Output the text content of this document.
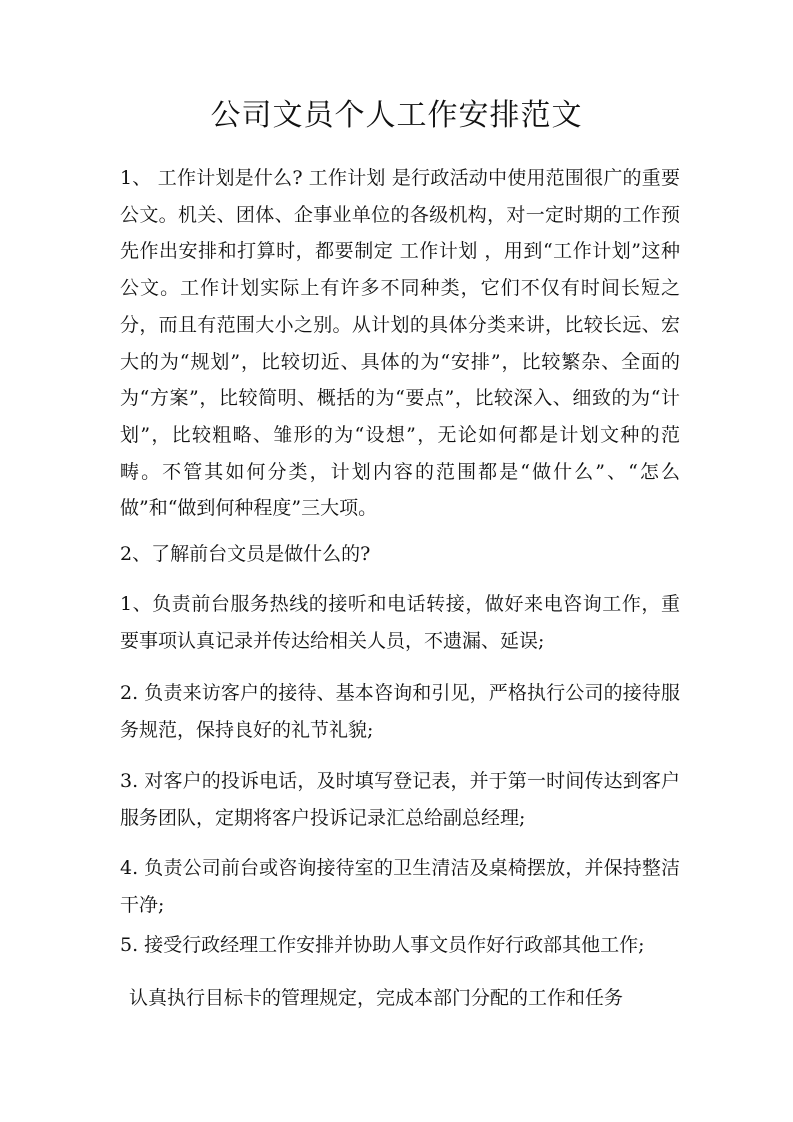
公司文员个人工作安排范文

1、 工作计划是什么? 工作计划 是行政活动中使用范围很广的重要公文。机关、团体、企事业单位的各级机构，对一定时期的工作预先作出安排和打算时，都要制定 工作计划 ，用到“工作计划”这种公文。工作计划实际上有许多不同种类，它们不仅有时间长短之分，而且有范围大小之别。从计划的具体分类来讲，比较长远、宏大的为“规划”，比较切近、具体的为“安排”，比较繁杂、全面的为“方案”，比较简明、概括的为“要点”，比较深入、细致的为“计划”，比较粗略、雏形的为“设想”，无论如何都是计划文种的范畴。不管其如何分类，计划内容的范围都是“做什么”、“怎么做”和“做到何种程度”三大项。

2、了解前台文员是做什么的?

1、负责前台服务热线的接听和电话转接，做好来电咨询工作，重要事项认真记录并传达给相关人员，不遗漏、延误;

2. 负责来访客户的接待、基本咨询和引见，严格执行公司的接待服务规范，保持良好的礼节礼貌;

3. 对客户的投诉电话，及时填写登记表，并于第一时间传达到客户服务团队，定期将客户投诉记录汇总给副总经理;

4. 负责公司前台或咨询接待室的卫生清洁及桌椅摆放，并保持整洁干净;

5. 接受行政经理工作安排并协助人事文员作好行政部其他工作;

认真执行目标卡的管理规定，完成本部门分配的工作和任务
